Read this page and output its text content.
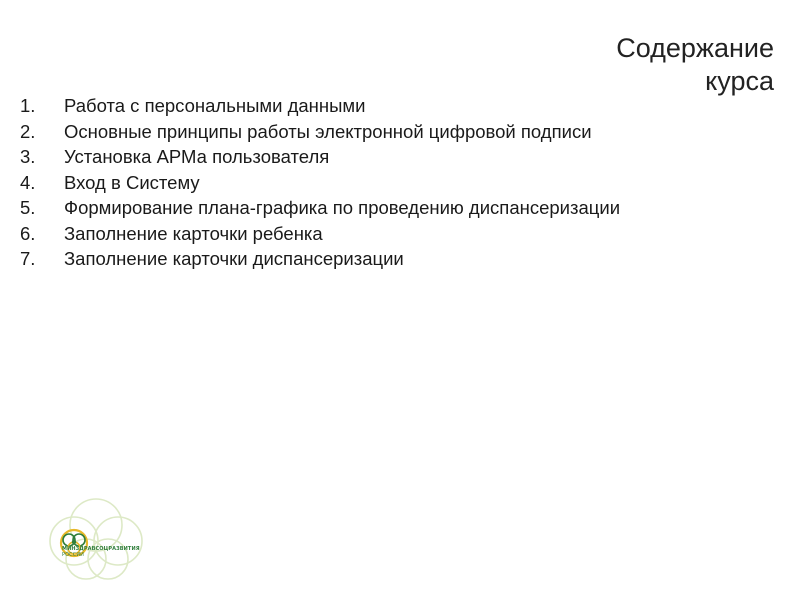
Содержание
курса
1.	Работа с персональными данными
2.	Основные принципы работы электронной цифровой подписи
3.	Установка АРМа пользователя
4.	Вход в Систему
5.	Формирование плана-графика по проведению диспансеризации
6.	Заполнение карточки ребенка
7.	Заполнение карточки диспансеризации
МИНЗДРАВСОЦРАЗВИТИЯ
РОССИИ
